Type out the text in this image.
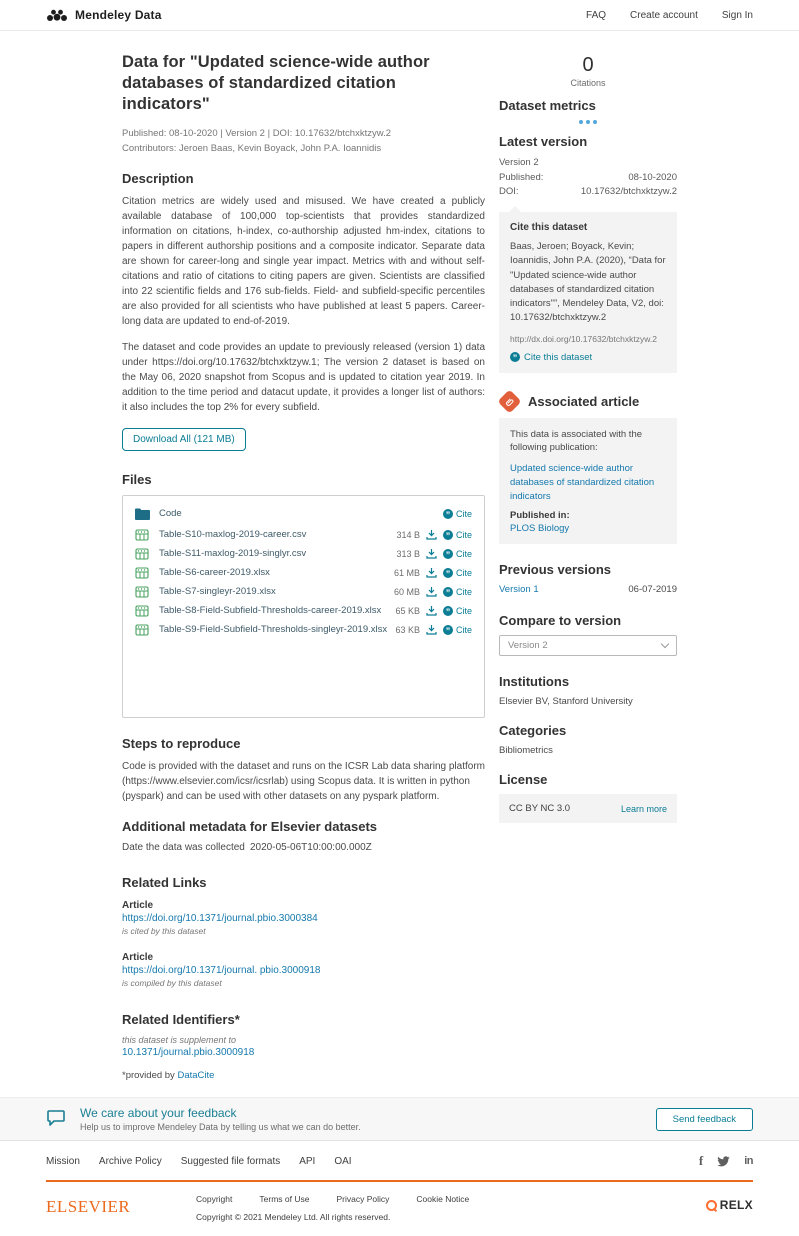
Mendeley Data	FAQ Create account Sign In
Data for "Updated science-wide author databases of standardized citation indicators"
Published: 08-10-2020 | Version 2 | DOI: 10.17632/btchxktzyw.2
Contributors: Jeroen Baas, Kevin Boyack, John P.A. Ioannidis
Description

Citation metrics are widely used and misused. We have created a publicly available database of 100,000 top-scientists that provides standardized information on citations, h-index, co-authorship adjusted hm-index, citations to papers in different authorship positions and a composite indicator. Separate data are shown for career-long and single year impact. Metrics with and without self-citations and ratio of citations to citing papers are given. Scientists are classified into 22 scientific fields and 176 sub-fields. Field- and subfield-specific percentiles are also provided for all scientists who have published at least 5 papers. Career-long data are updated to end-of-2019.

The dataset and code provides an update to previously released (version 1) data under https://doi.org/10.17632/btchxktzyw.1; The version 2 dataset is based on the May 06, 2020 snapshot from Scopus and is updated to citation year 2019. In addition to the time period and datacut update, it provides a longer list of authors: it also includes the top 2% for every subfield.

Download All (121 MB)
Files
Code	” Cite
Table-S10-maxlog-2019-career.csv	314 B	” Cite
Table-S11-maxlog-2019-singlyr.csv	313 B	” Cite
Table-S6-career-2019.xlsx	61 MB	” Cite
Table-S7-singleyr-2019.xlsx	60 MB	” Cite
Table-S8-Field-Subfield-Thresholds-career-2019.xlsx	65 KB	” Cite
Table-S9-Field-Subfield-Thresholds-singleyr-2019.xlsx 63 KB	” Cite
Steps to reproduce

Code is provided with the dataset and runs on the ICSR Lab data sharing platform (https://www.elsevier.com/icsr/icsrlab) using Scopus data. It is written in python (pyspark) and can be used with other datasets on any pyspark platform.

Additional metadata for Elsevier datasets
Date the data was collected 2020-05-06T10:00:00.000Z
Related Links
Article
https://doi.org/10.1371/journal.pbio.3000384
is cited by this dataset
Article
https://doi.org/10.1371/journal. pbio.3000918
is compiled by this dataset
Related Identifiers*
this dataset is supplement to
10.1371/journal.pbio.3000918
*provided by DataCite
0
Citations
Dataset metrics
Latest version
Version 2
Published:	08-10-2020
DOI:	10.17632/btchxktzyw.2
Cite this dataset
Baas, Jeroen; Boyack, Kevin; Ioannidis, John P.A. (2020), “Data for "Updated science-wide author databases of standardized citation indicators"”, Mendeley Data, V2, doi: 10.17632/btchxktzyw.2
http://dx.doi.org/10.17632/btchxktzyw.2
” Cite this dataset
Associated article
This data is associated with the following publication:
Updated science-wide author databases of standardized citation indicators
Published in:
PLOS Biology
Previous versions
Version 1	06-07-2019
Compare to version
Version 2
Institutions
Elsevier BV, Stanford University
Categories
Bibliometrics
License
CC BY NC 3.0	Learn more
We care about your feedback
Help us to improve Mendeley Data by telling us what we can do better.
Send feedback
Mission Archive Policy Suggested file formats API OAI	f	in
ELSEVIER	Copyright	Terms of Use	Privacy Policy	Cookie Notice
Copyright © 2021 Mendeley Ltd. All rights reserved.
RELX
